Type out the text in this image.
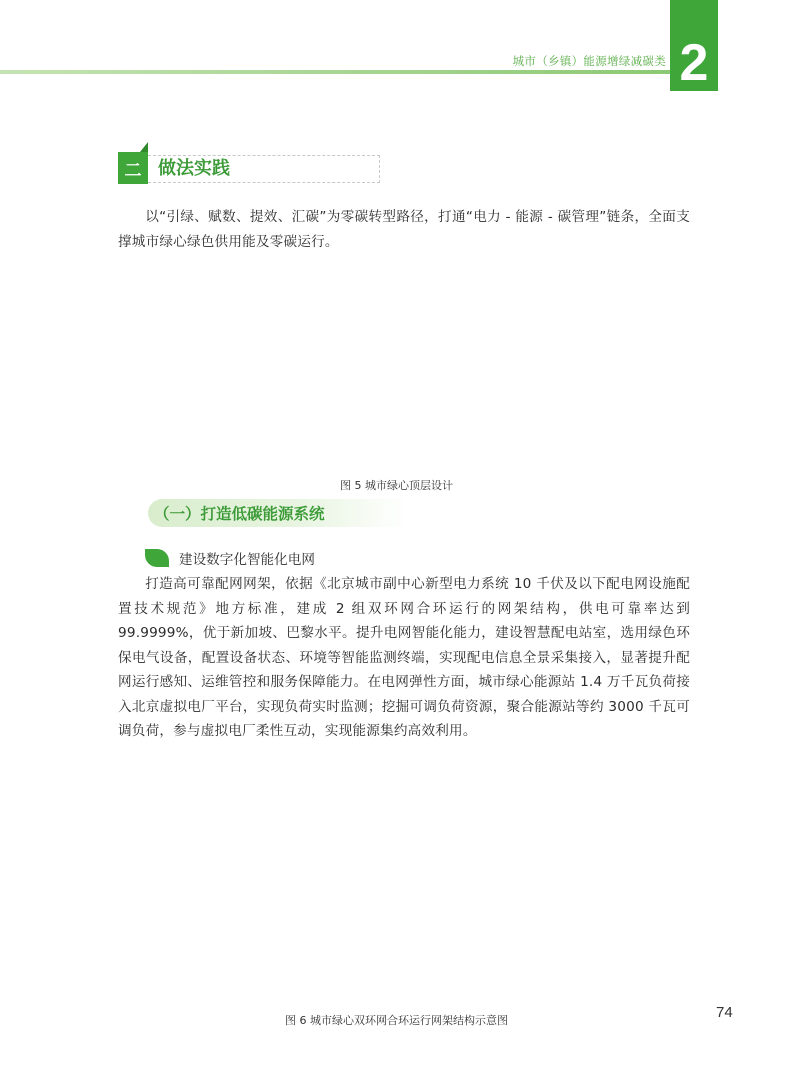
城市（乡镇）能源增绿减碳类 2
二 做法实践

以“引绿、赋数、提效、汇碳”为零碳转型路径，打通“电力 - 能源 - 碳管理”链条，全面支撑城市绿心绿色供用能及零碳运行。

图 5 城市绿心顶层设计
（一）打造低碳能源系统
建设数字化智能化电网

打造高可靠配网网架，依据《北京城市副中心新型电力系统 10 千伏及以下配电网设施配置技术规范》地方标准，建成 2 组双环网合环运行的网架结构，供电可靠率达到 99.9999%，优于新加坡、巴黎水平。提升电网智能化能力，建设智慧配电站室，选用绿色环保电气设备，配置设备状态、环境等智能监测终端，实现配电信息全景采集接入，显著提升配网运行感知、运维管控和服务保障能力。在电网弹性方面，城市绿心能源站 1.4 万千瓦负荷接入北京虚拟电厂平台，实现负荷实时监测；挖掘可调负荷资源，聚合能源站等约 3000 千瓦可调负荷，参与虚拟电厂柔性互动，实现能源集约高效利用。

图 6 城市绿心双环网合环运行网架结构示意图	74
